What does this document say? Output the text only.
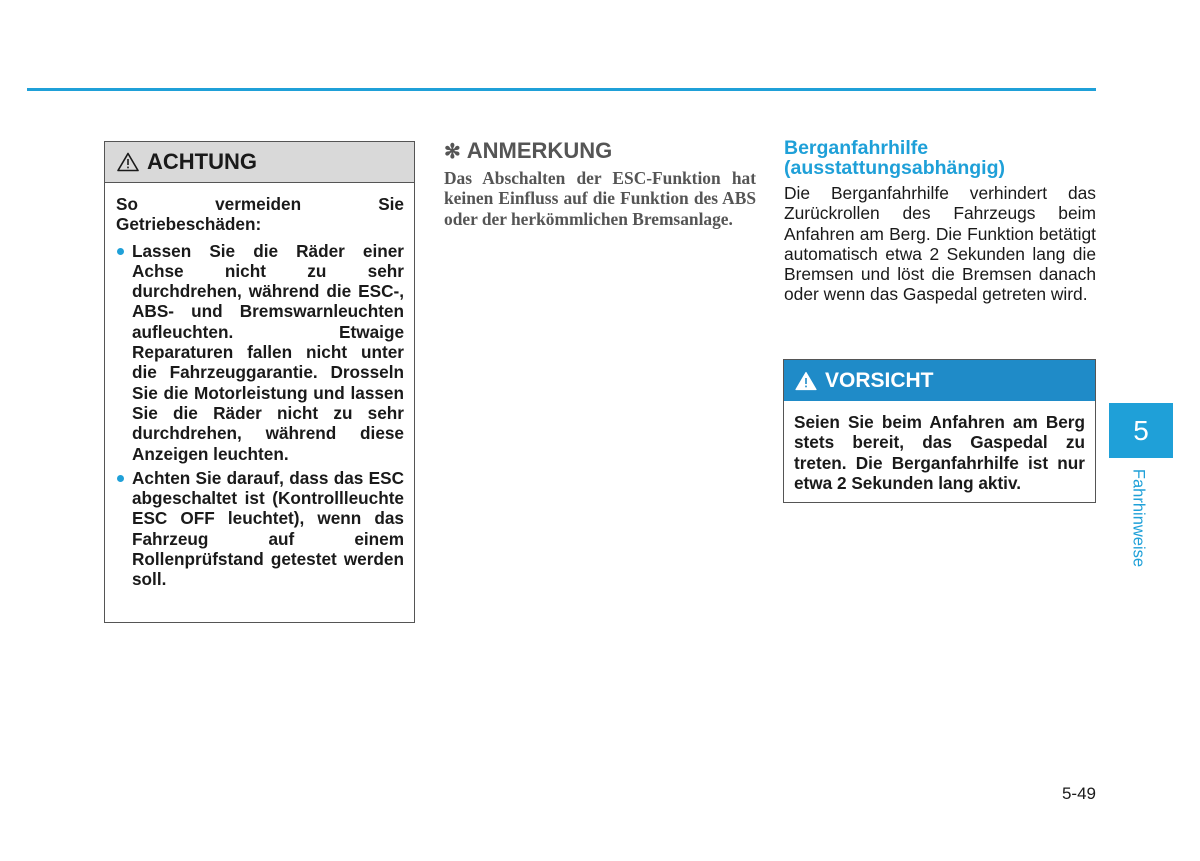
ACHTUNG

So vermeiden Sie Getriebeschäden:

Lassen Sie die Räder einer Achse nicht zu sehr durchdrehen, während die ESC-, ABS- und Bremswarnleuchten aufleuchten. Etwaige Reparaturen fallen nicht unter die Fahrzeuggarantie. Drosseln Sie die Motorleistung und lassen Sie die Räder nicht zu sehr durchdrehen, während diese Anzeigen leuchten.
Achten Sie darauf, dass das ESC abgeschaltet ist (Kontrollleuchte ESC OFF leuchtet), wenn das Fahrzeug auf einem Rollenprüfstand getestet werden soll.
✻ ANMERKUNG

Das Abschalten der ESC-Funktion hat keinen Einfluss auf die Funktion des ABS oder der herkömmlichen Bremsanlage.

Berganfahrhilfe
(ausstattungsabhängig)

Die Berganfahrhilfe verhindert das Zurückrollen des Fahrzeugs beim Anfahren am Berg. Die Funktion betätigt automatisch etwa 2 Sekunden lang die Bremsen und löst die Bremsen danach oder wenn das Gaspedal getreten wird.

VORSICHT

Seien Sie beim Anfahren am Berg stets bereit, das Gaspedal zu treten. Die Berganfahrhilfe ist nur etwa 2 Sekunden lang aktiv.

5
Fahrhinweise
5-49
